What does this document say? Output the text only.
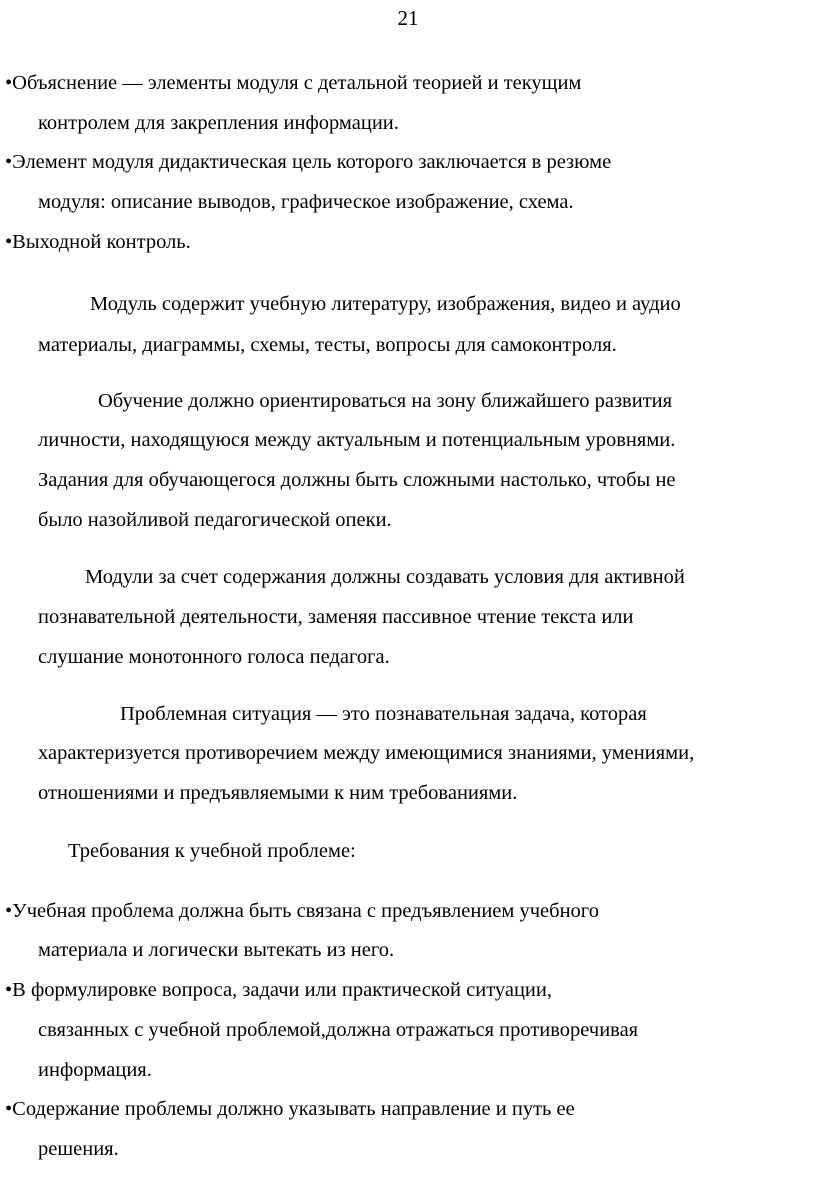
21
•Объяснение — элементы модуля с детальной теорией и текущим
контролем для закрепления информации.
•Элемент модуля дидактическая цель которого заключается в резюме
модуля: описание выводов, графическое изображение, схема.
•Выходной контроль.
Модуль содержит учебную литературу, изображения, видео и аудио
материалы, диаграммы, схемы, тесты, вопросы для самоконтроля.
Обучение должно ориентироваться на зону ближайшего развития
личности, находящуюся между актуальным и потенциальным уровнями.
Задания для обучающегося должны быть сложными настолько, чтобы не
было назойливой педагогической опеки.
Модули за счет содержания должны создавать условия для активной
познавательной деятельности, заменяя пассивное чтение текста или
слушание монотонного голоса педагога.
Проблемная ситуация — это познавательная задача, которая
характеризуется противоречием между имеющимися знаниями, умениями,
отношениями и предъявляемыми к ним требованиями.
Требования к учебной проблеме:
•Учебная проблема должна быть связана с предъявлением учебного
материала и логически вытекать из него.
•В формулировке вопроса, задачи или практической ситуации,
связанных с учебной проблемой,должна отражаться противоречивая
информация.
•Содержание проблемы должно указывать направление и путь ее
решения.
